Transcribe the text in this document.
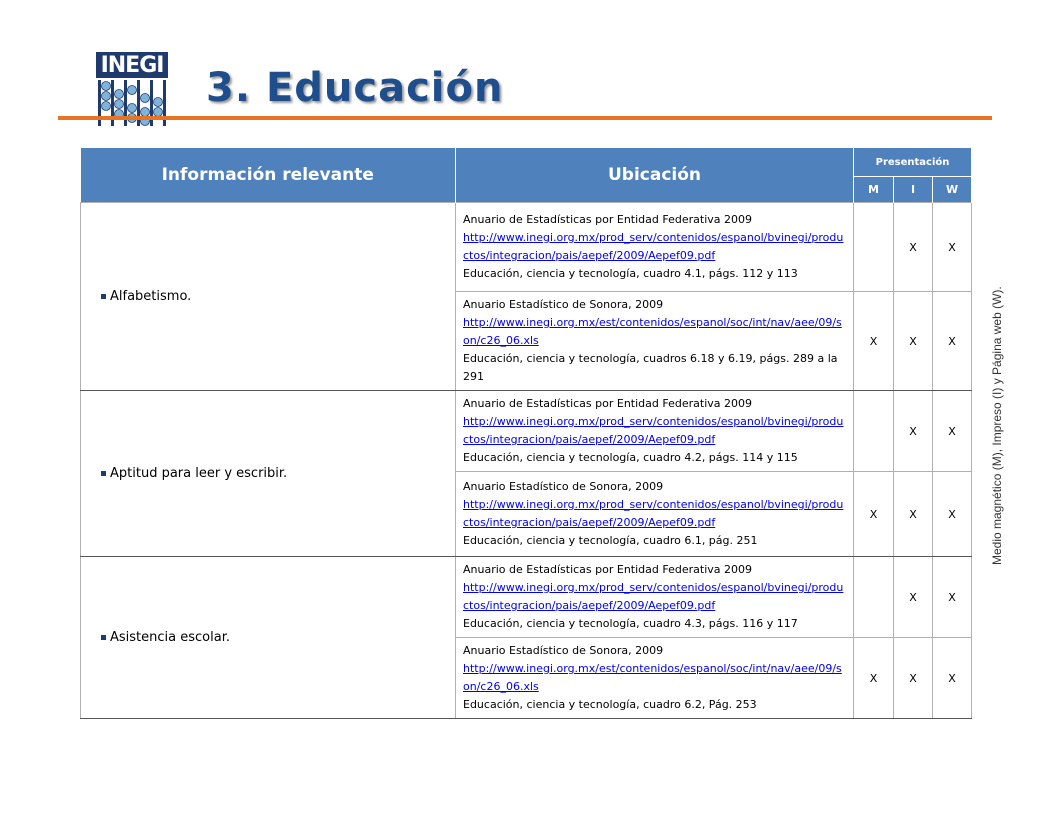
INEGI 3. Educación
Información relevante	Ubicación	Presentación		
		M	I	W

Alfabetismo.	Anuario de Estadísticas por Entidad Federativa 2009
http://www.inegi.org.mx/prod_serv/contenidos/espanol/bvinegi/productos/integracion/pais/aepef/2009/Aepef09.pdf
Educación, ciencia y tecnología, cuadro 4.1, págs. 112 y 113		X	X

	Anuario Estadístico de Sonora, 2009
http://www.inegi.org.mx/est/contenidos/espanol/soc/int/nav/aee/09/son/c26_06.xls
Educación, ciencia y tecnología, cuadros 6.18 y 6.19, págs. 289 a la 291	X	X	X

Aptitud para leer y escribir.	Anuario de Estadísticas por Entidad Federativa 2009
http://www.inegi.org.mx/prod_serv/contenidos/espanol/bvinegi/productos/integracion/pais/aepef/2009/Aepef09.pdf
Educación, ciencia y tecnología, cuadro 4.2, págs. 114 y 115		X	X

	Anuario Estadístico de Sonora, 2009
http://www.inegi.org.mx/prod_serv/contenidos/espanol/bvinegi/productos/integracion/pais/aepef/2009/Aepef09.pdf
Educación, ciencia y tecnología, cuadro 6.1, pág. 251	X	X	X

Asistencia escolar.	Anuario de Estadísticas por Entidad Federativa 2009
http://www.inegi.org.mx/prod_serv/contenidos/espanol/bvinegi/productos/integracion/pais/aepef/2009/Aepef09.pdf
Educación, ciencia y tecnología, cuadro 4.3, págs. 116 y 117		X	X

	Anuario Estadístico de Sonora, 2009
http://www.inegi.org.mx/est/contenidos/espanol/soc/int/nav/aee/09/son/c26_06.xls
Educación, ciencia y tecnología, cuadro 6.2, Pág. 253	X	X	X
Medio magnético (M), Impreso (I) y Página web (W).
